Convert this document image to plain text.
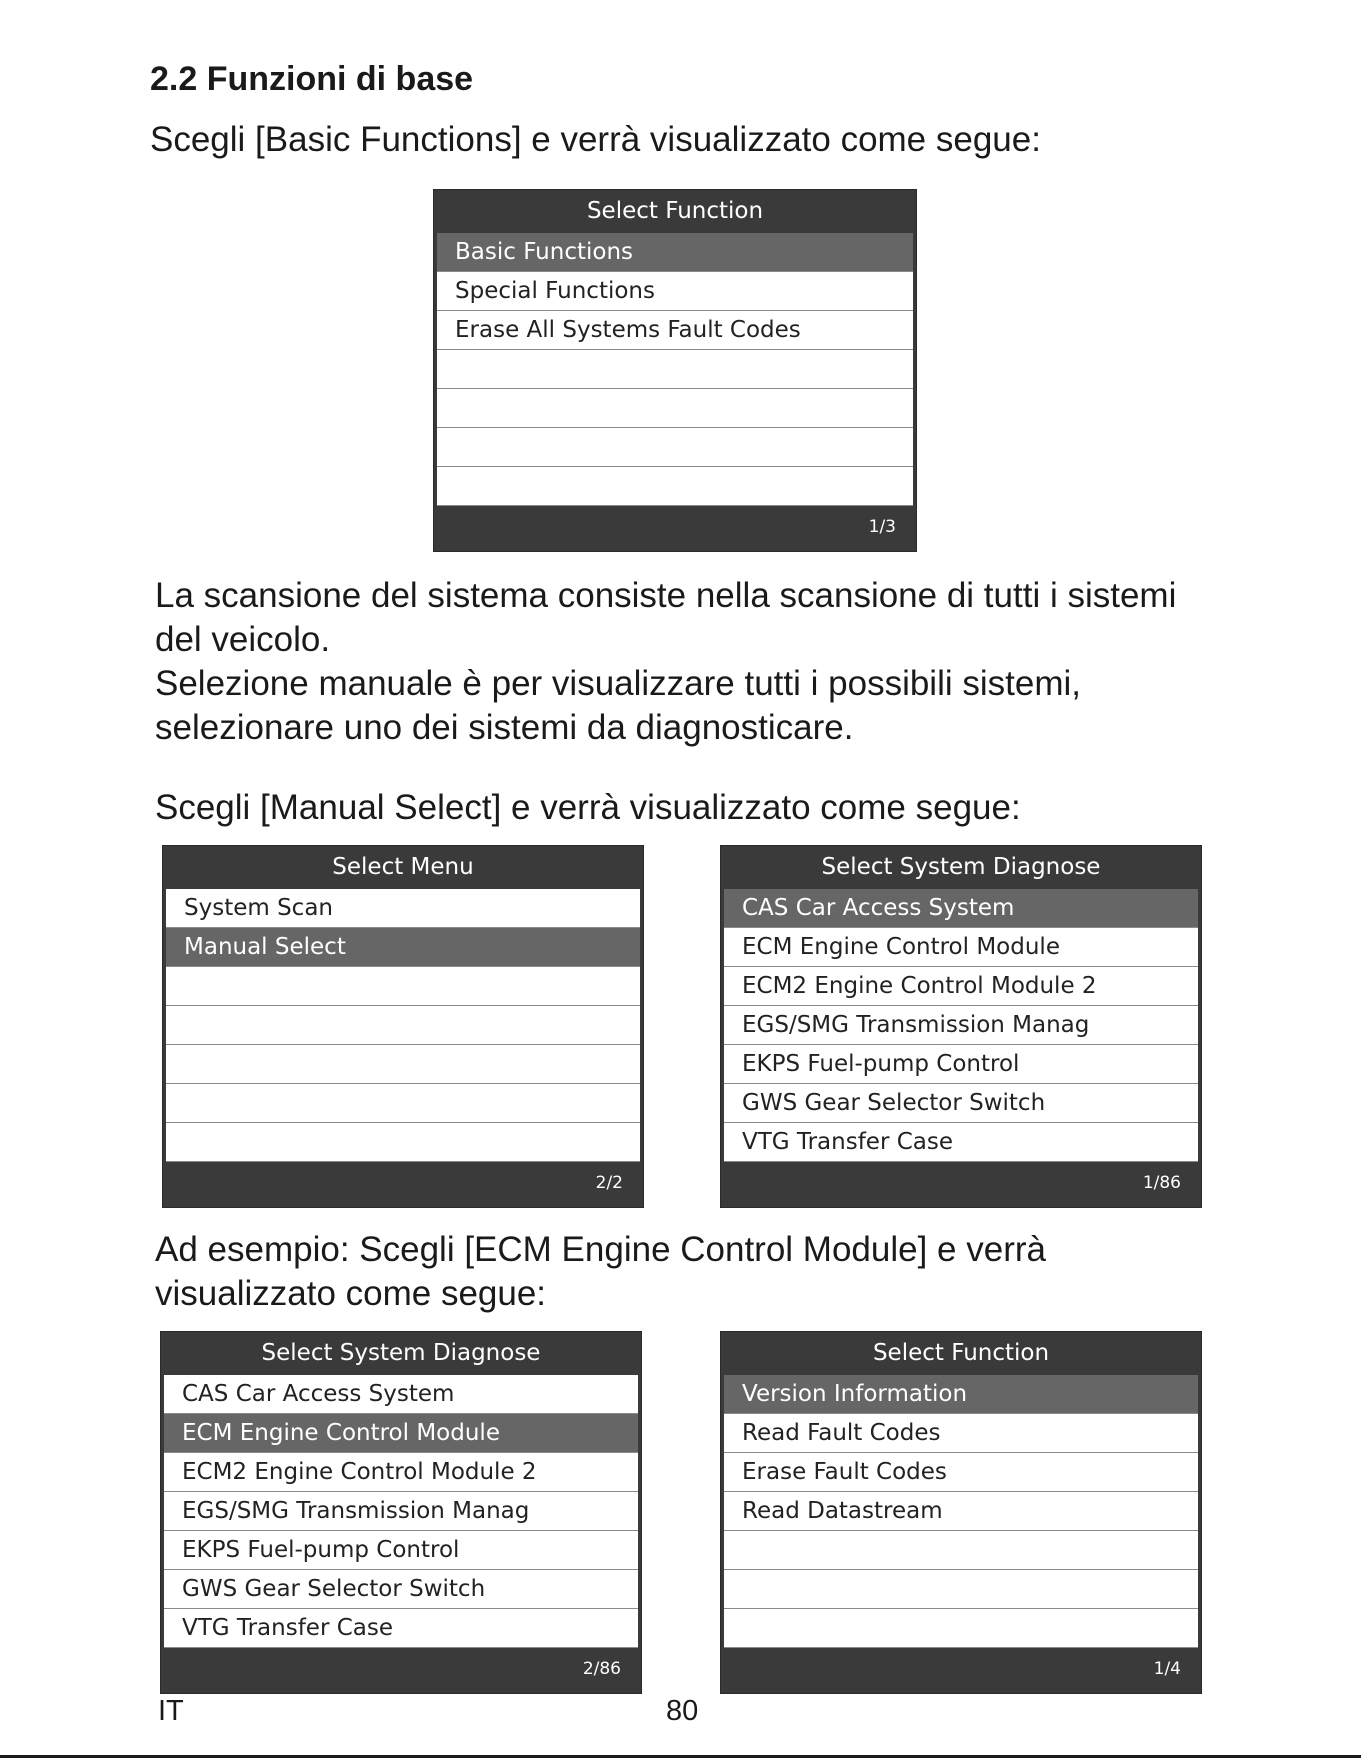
2.2 Funzioni di base

Scegli [Basic Functions] e verrà visualizzato come segue:

Select Function
Basic Functions
Special Functions
Erase All Systems Fault Codes
1/3

La scansione del sistema consiste nella scansione di tutti i sistemi
del veicolo.
Selezione manuale è per visualizzare tutti i possibili sistemi,
selezionare uno dei sistemi da diagnosticare.

Scegli [Manual Select] e verrà visualizzato come segue:

Select Menu
System Scan
Manual Select
2/2
Select System Diagnose
CAS Car Access System
ECM Engine Control Module
ECM2 Engine Control Module 2
EGS/SMG Transmission Manag
EKPS Fuel-pump Control
GWS Gear Selector Switch
VTG Transfer Case
1/86

Ad esempio: Scegli [ECM Engine Control Module] e verrà
visualizzato come segue:

Select System Diagnose
CAS Car Access System
ECM Engine Control Module
ECM2 Engine Control Module 2
EGS/SMG Transmission Manag
EKPS Fuel-pump Control
GWS Gear Selector Switch
VTG Transfer Case
2/86
Select Function
Version Information
Read Fault Codes
Erase Fault Codes
Read Datastream
1/4

IT	80
